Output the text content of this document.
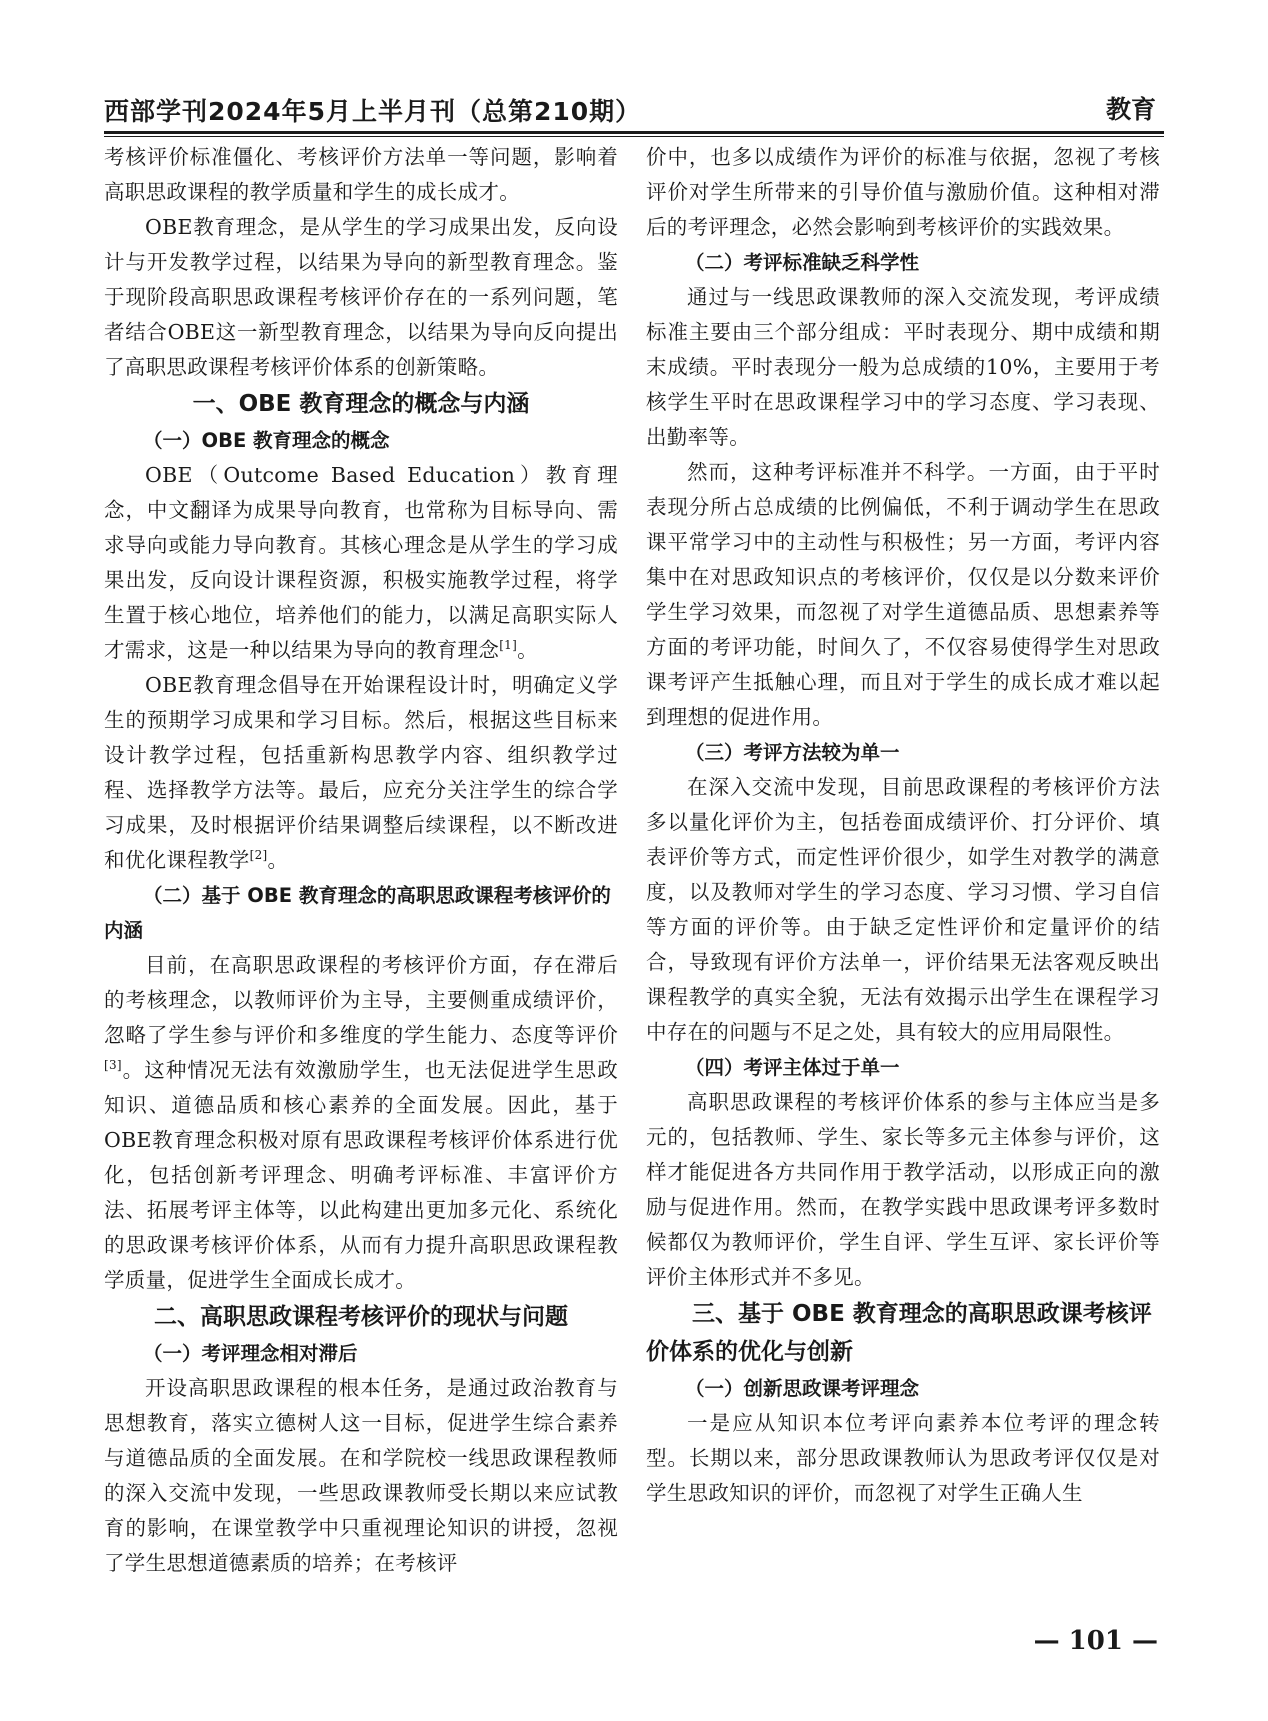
西部学刊2024年5月上半月刊（总第210期）	教育

考核评价标准僵化、考核评价方法单一等问题，影响着高职思政课程的教学质量和学生的成长成才。

OBE教育理念，是从学生的学习成果出发，反向设计与开发教学过程，以结果为导向的新型教育理念。鉴于现阶段高职思政课程考核评价存在的一系列问题，笔者结合OBE这一新型教育理念，以结果为导向反向提出了高职思政课程考核评价体系的创新策略。

一、OBE 教育理念的概念与内涵
（一）OBE 教育理念的概念

OBE（Outcome Based Education）教育理念，中文翻译为成果导向教育，也常称为目标导向、需求导向或能力导向教育。其核心理念是从学生的学习成果出发，反向设计课程资源，积极实施教学过程，将学生置于核心地位，培养他们的能力，以满足高职实际人才需求，这是一种以结果为导向的教育理念[1]。

OBE教育理念倡导在开始课程设计时，明确定义学生的预期学习成果和学习目标。然后，根据这些目标来设计教学过程，包括重新构思教学内容、组织教学过程、选择教学方法等。最后，应充分关注学生的综合学习成果，及时根据评价结果调整后续课程，以不断改进和优化课程教学[2]。

（二）基于 OBE 教育理念的高职思政课程考核评价的内涵

目前，在高职思政课程的考核评价方面，存在滞后的考核理念，以教师评价为主导，主要侧重成绩评价，忽略了学生参与评价和多维度的学生能力、态度等评价[3]。这种情况无法有效激励学生，也无法促进学生思政知识、道德品质和核心素养的全面发展。因此，基于OBE教育理念积极对原有思政课程考核评价体系进行优化，包括创新考评理念、明确考评标准、丰富评价方法、拓展考评主体等，以此构建出更加多元化、系统化的思政课考核评价体系，从而有力提升高职思政课程教学质量，促进学生全面成长成才。

二、高职思政课程考核评价的现状与问题
（一）考评理念相对滞后

开设高职思政课程的根本任务，是通过政治教育与思想教育，落实立德树人这一目标，促进学生综合素养与道德品质的全面发展。在和学院校一线思政课程教师的深入交流中发现，一些思政课教师受长期以来应试教育的影响，在课堂教学中只重视理论知识的讲授，忽视了学生思想道德素质的培养；在考核评

价中，也多以成绩作为评价的标准与依据，忽视了考核评价对学生所带来的引导价值与激励价值。这种相对滞后的考评理念，必然会影响到考核评价的实践效果。

（二）考评标准缺乏科学性

通过与一线思政课教师的深入交流发现，考评成绩标准主要由三个部分组成：平时表现分、期中成绩和期末成绩。平时表现分一般为总成绩的10%，主要用于考核学生平时在思政课程学习中的学习态度、学习表现、出勤率等。

然而，这种考评标准并不科学。一方面，由于平时表现分所占总成绩的比例偏低，不利于调动学生在思政课平常学习中的主动性与积极性；另一方面，考评内容集中在对思政知识点的考核评价，仅仅是以分数来评价学生学习效果，而忽视了对学生道德品质、思想素养等方面的考评功能，时间久了，不仅容易使得学生对思政课考评产生抵触心理，而且对于学生的成长成才难以起到理想的促进作用。

（三）考评方法较为单一

在深入交流中发现，目前思政课程的考核评价方法多以量化评价为主，包括卷面成绩评价、打分评价、填表评价等方式，而定性评价很少，如学生对教学的满意度，以及教师对学生的学习态度、学习习惯、学习自信等方面的评价等。由于缺乏定性评价和定量评价的结合，导致现有评价方法单一，评价结果无法客观反映出课程教学的真实全貌，无法有效揭示出学生在课程学习中存在的问题与不足之处，具有较大的应用局限性。

（四）考评主体过于单一

高职思政课程的考核评价体系的参与主体应当是多元的，包括教师、学生、家长等多元主体参与评价，这样才能促进各方共同作用于教学活动，以形成正向的激励与促进作用。然而，在教学实践中思政课考评多数时候都仅为教师评价，学生自评、学生互评、家长评价等评价主体形式并不多见。

三、基于 OBE 教育理念的高职思政课考核评价体系的优化与创新
（一）创新思政课考评理念

一是应从知识本位考评向素养本位考评的理念转型。长期以来，部分思政课教师认为思政考评仅仅是对学生思政知识的评价，而忽视了对学生正确人生

— 101 —
